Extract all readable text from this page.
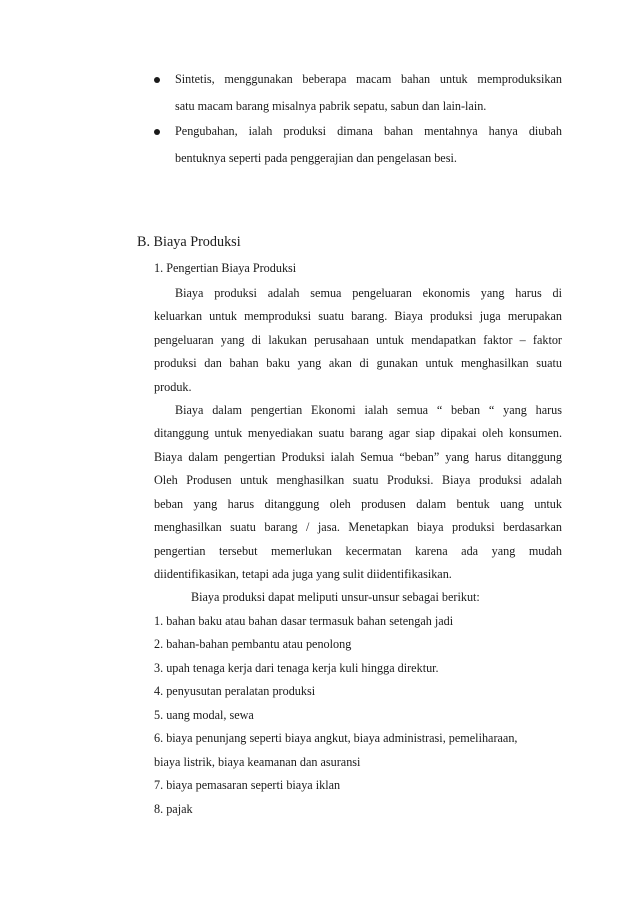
Sintetis, menggunakan beberapa macam bahan untuk memproduksikan
satu macam barang misalnya pabrik sepatu, sabun dan lain-lain.
Pengubahan, ialah produksi dimana bahan mentahnya hanya diubah
bentuknya seperti pada penggerajian dan pengelasan besi.
B. Biaya Produksi
1. Pengertian Biaya Produksi
Biaya produksi adalah semua pengeluaran ekonomis yang harus di
keluarkan untuk memproduksi suatu barang. Biaya produksi juga merupakan
pengeluaran yang di lakukan perusahaan untuk mendapatkan faktor – faktor
produksi dan bahan baku yang akan di gunakan untuk menghasilkan suatu
produk.
Biaya dalam pengertian Ekonomi ialah semua “ beban “ yang harus
ditanggung untuk menyediakan suatu barang agar siap dipakai oleh konsumen.
Biaya dalam pengertian Produksi ialah Semua “beban” yang harus ditanggung
Oleh Produsen untuk menghasilkan suatu Produksi. Biaya produksi adalah
beban yang harus ditanggung oleh produsen dalam bentuk uang untuk
menghasilkan suatu barang / jasa. Menetapkan biaya produksi berdasarkan
pengertian tersebut memerlukan kecermatan karena ada yang mudah
diidentifikasikan, tetapi ada juga yang sulit diidentifikasikan.
Biaya produksi dapat meliputi unsur-unsur sebagai berikut:
1. bahan baku atau bahan dasar termasuk bahan setengah jadi
2. bahan-bahan pembantu atau penolong
3. upah tenaga kerja dari tenaga kerja kuli hingga direktur.
4. penyusutan peralatan produksi
5. uang modal, sewa
6. biaya penunjang seperti biaya angkut, biaya administrasi, pemeliharaan,
biaya listrik, biaya keamanan dan asuransi
7. biaya pemasaran seperti biaya iklan
8. pajak
